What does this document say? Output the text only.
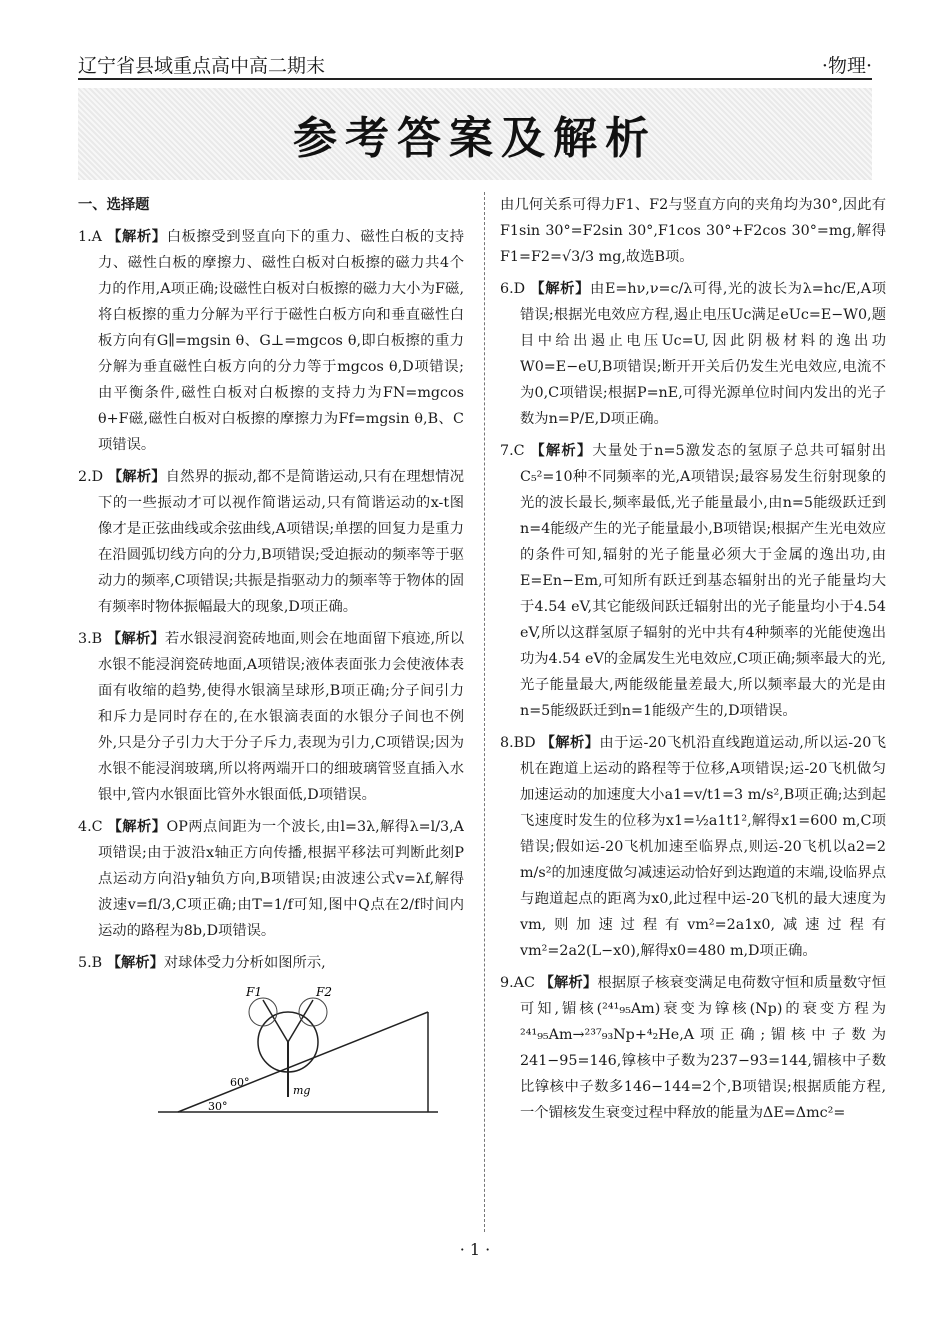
辽宁省县域重点高中高二期末	·物理·
参考答案及解析
一、选择题
1.A 【解析】白板擦受到竖直向下的重力、磁性白板的支持力、磁性白板的摩擦力、磁性白板对白板擦的磁力共4个力的作用,A项正确;设磁性白板对白板擦的磁力大小为F磁,将白板擦的重力分解为平行于磁性白板方向和垂直磁性白板方向有G∥=mgsin θ、G⊥=mgcos θ,即白板擦的重力分解为垂直磁性白板方向的分力等于mgcos θ,D项错误;由平衡条件,磁性白板对白板擦的支持力为FN=mgcos θ+F磁,磁性白板对白板擦的摩擦力为Ff=mgsin θ,B、C项错误。
2.D 【解析】自然界的振动,都不是简谐运动,只有在理想情况下的一些振动才可以视作简谐运动,只有简谐运动的x-t图像才是正弦曲线或余弦曲线,A项错误;单摆的回复力是重力在沿圆弧切线方向的分力,B项错误;受迫振动的频率等于驱动力的频率,C项错误;共振是指驱动力的频率等于物体的固有频率时物体振幅最大的现象,D项正确。
3.B 【解析】若水银浸润瓷砖地面,则会在地面留下痕迹,所以水银不能浸润瓷砖地面,A项错误;液体表面张力会使液体表面有收缩的趋势,使得水银滴呈球形,B项正确;分子间引力和斥力是同时存在的,在水银滴表面的水银分子间也不例外,只是分子引力大于分子斥力,表现为引力,C项错误;因为水银不能浸润玻璃,所以将两端开口的细玻璃管竖直插入水银中,管内水银面比管外水银面低,D项错误。
4.C 【解析】OP两点间距为一个波长,由l=3λ,解得λ=l/3,A项错误;由于波沿x轴正方向传播,根据平移法可判断此刻P点运动方向沿y轴负方向,B项错误;由波速公式v=λf,解得波速v=fl/3,C项正确;由T=1/f可知,图中Q点在2/f时间内运动的路程为8b,D项错误。
5.B 【解析】对球体受力分析如图所示,
F1	F2
mg
60°
30°
由几何关系可得力F1、F2与竖直方向的夹角均为30°,因此有F1sin 30°=F2sin 30°,F1cos 30°+F2cos 30°=mg,解得F1=F2=√3/3 mg,故选B项。
6.D 【解析】由E=hν,ν=c/λ可得,光的波长为λ=hc/E,A项错误;根据光电效应方程,遏止电压Uc满足eUc=E−W0,题目中给出遏止电压Uc=U,因此阴极材料的逸出功W0=E−eU,B项错误;断开开关后仍发生光电效应,电流不为0,C项错误;根据P=nE,可得光源单位时间内发出的光子数为n=P/E,D项正确。
7.C 【解析】大量处于n=5激发态的氢原子总共可辐射出C₅²=10种不同频率的光,A项错误;最容易发生衍射现象的光的波长最长,频率最低,光子能量最小,由n=5能级跃迁到n=4能级产生的光子能量最小,B项错误;根据产生光电效应的条件可知,辐射的光子能量必须大于金属的逸出功,由E=En−Em,可知所有跃迁到基态辐射出的光子能量均大于4.54 eV,其它能级间跃迁辐射出的光子能量均小于4.54 eV,所以这群氢原子辐射的光中共有4种频率的光能使逸出功为4.54 eV的金属发生光电效应,C项正确;频率最大的光,光子能量最大,两能级能量差最大,所以频率最大的光是由n=5能级跃迁到n=1能级产生的,D项错误。
8.BD 【解析】由于运-20飞机沿直线跑道运动,所以运-20飞机在跑道上运动的路程等于位移,A项错误;运-20飞机做匀加速运动的加速度大小a1=v/t1=3 m/s²,B项正确;达到起飞速度时发生的位移为x1=½a1t1²,解得x1=600 m,C项错误;假如运-20飞机加速至临界点,则运-20飞机以a2=2 m/s²的加速度做匀减速运动恰好到达跑道的末端,设临界点与跑道起点的距离为x0,此过程中运-20飞机的最大速度为vm,则加速过程有vm²=2a1x0,减速过程有vm²=2a2(L−x0),解得x0=480 m,D项正确。
9.AC 【解析】根据原子核衰变满足电荷数守恒和质量数守恒可知,镅核(²⁴¹₉₅Am)衰变为镎核(Np)的衰变方程为²⁴¹₉₅Am→²³⁷₉₃Np+⁴₂He,A项正确;镅核中子数为241−95=146,镎核中子数为237−93=144,镅核中子数比镎核中子数多146−144=2个,B项错误;根据质能方程,一个镅核发生衰变过程中释放的能量为ΔE=Δmc²=
· 1 ·
